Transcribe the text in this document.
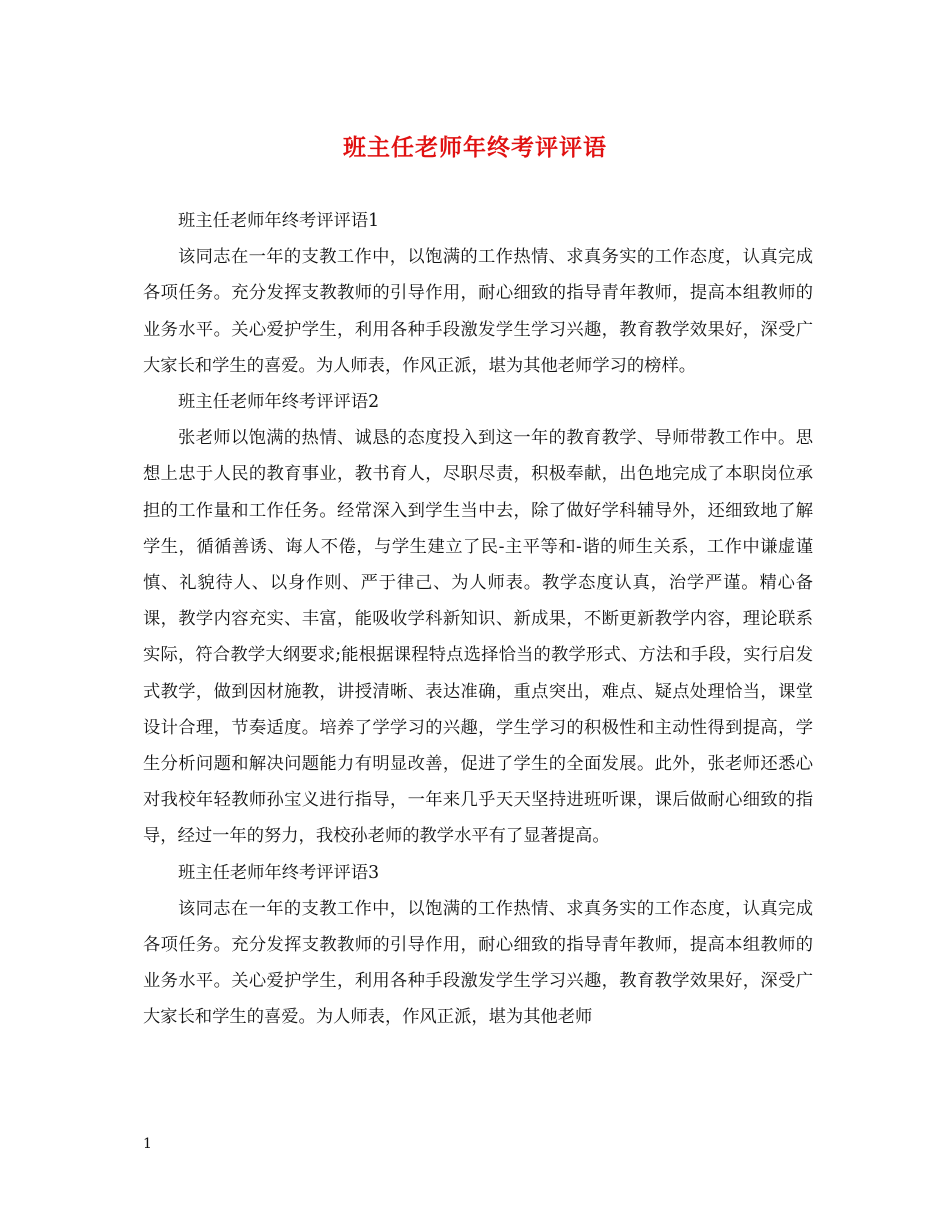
班主任老师年终考评评语

班主任老师年终考评评语1

该同志在一年的支教工作中，以饱满的工作热情、求真务实的工作态度，认真完成各项任务。充分发挥支教教师的引导作用，耐心细致的指导青年教师，提高本组教师的业务水平。关心爱护学生，利用各种手段激发学生学习兴趣，教育教学效果好，深受广大家长和学生的喜爱。为人师表，作风正派，堪为其他老师学习的榜样。

班主任老师年终考评评语2

张老师以饱满的热情、诚恳的态度投入到这一年的教育教学、导师带教工作中。思想上忠于人民的教育事业，教书育人，尽职尽责，积极奉献，出色地完成了本职岗位承担的工作量和工作任务。经常深入到学生当中去，除了做好学科辅导外，还细致地了解学生，循循善诱、诲人不倦，与学生建立了民-主平等和-谐的师生关系，工作中谦虚谨慎、礼貌待人、以身作则、严于律己、为人师表。教学态度认真，治学严谨。精心备课，教学内容充实、丰富，能吸收学科新知识、新成果，不断更新教学内容，理论联系实际，符合教学大纲要求;能根据课程特点选择恰当的教学形式、方法和手段，实行启发式教学，做到因材施教，讲授清晰、表达准确，重点突出，难点、疑点处理恰当，课堂设计合理，节奏适度。培养了学学习的兴趣，学生学习的积极性和主动性得到提高，学生分析问题和解决问题能力有明显改善，促进了学生的全面发展。此外，张老师还悉心对我校年轻教师孙宝义进行指导，一年来几乎天天坚持进班听课，课后做耐心细致的指导，经过一年的努力，我校孙老师的教学水平有了显著提高。

班主任老师年终考评评语3

该同志在一年的支教工作中，以饱满的工作热情、求真务实的工作态度，认真完成各项任务。充分发挥支教教师的引导作用，耐心细致的指导青年教师，提高本组教师的业务水平。关心爱护学生，利用各种手段激发学生学习兴趣，教育教学效果好，深受广大家长和学生的喜爱。为人师表，作风正派，堪为其他老师

1
